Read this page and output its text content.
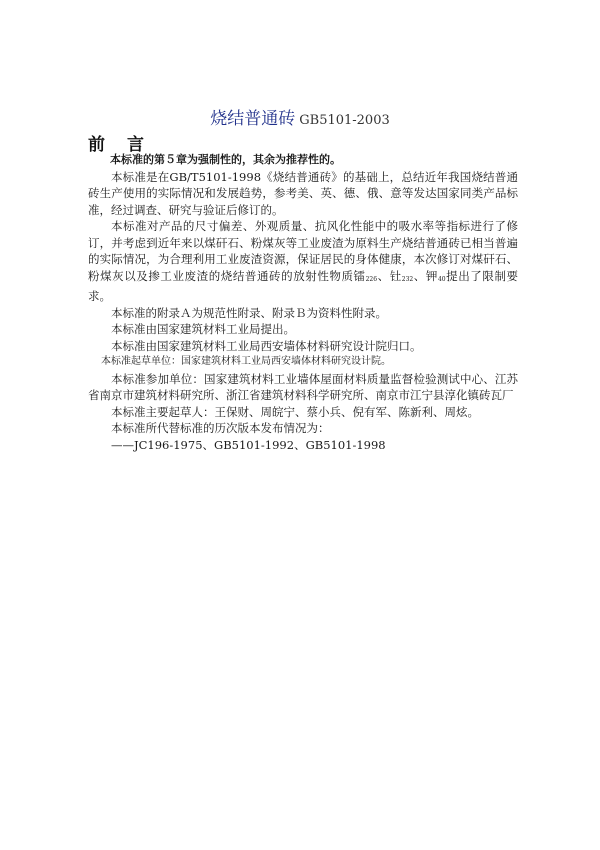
烧结普通砖 GB5101-2003
前言

本标准的第５章为强制性的，其余为推荐性的。

本标准是在GB/T5101-1998《烧结普通砖》的基础上，总结近年我国烧结普通砖生产使用的实际情况和发展趋势，参考美、英、德、俄、意等发达国家同类产品标准，经过调查、研究与验证后修订的。

本标准对产品的尺寸偏差、外观质量、抗风化性能中的吸水率等指标进行了修订，并考虑到近年来以煤矸石、粉煤灰等工业废渣为原料生产烧结普通砖已相当普遍的实际情况，为合理利用工业废渣资源，保证居民的身体健康，本次修订对煤矸石、粉煤灰以及掺工业废渣的烧结普通砖的放射性物质镭$_{226}$、钍$_{232}$、钾$_{40}$提出了限制要求。

本标准的附录Ａ为规范性附录、附录Ｂ为资料性附录。

本标准由国家建筑材料工业局提出。

本标准由国家建筑材料工业局西安墙体材料研究设计院归口。

本标准起草单位：国家建筑材料工业局西安墙体材料研究设计院。

本标准参加单位：国家建筑材料工业墙体屋面材料质量监督检验测试中心、江苏省南京市建筑材料研究所、浙江省建筑材料科学研究所、南京市江宁县淳化镇砖瓦厂

本标准主要起草人：王保财、周皖宁、蔡小兵、倪有军、陈新利、周炫。

本标准所代替标准的历次版本发布情况为：

——JC196-1975、GB5101-1992、GB5101-1998
